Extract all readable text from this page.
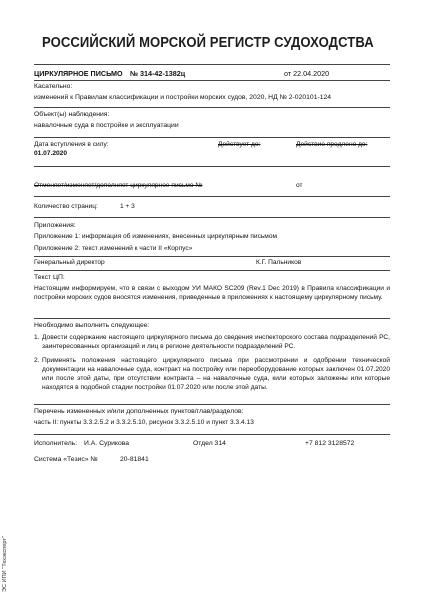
РОССИЙСКИЙ МОРСКОЙ РЕГИСТР СУДОХОДСТВА
ЦИРКУЛЯРНОЕ ПИСЬМО	№ 314-42-1382ц	от 22.04.2020
Касательно:
изменений к Правилам классификации и постройки морских судов, 2020, НД № 2-020101-124
Объект(ы) наблюдения:
навалочные суда в постройке и эксплуатации
Дата вступления в силу:	Действует до:	Действие продлено до:
01.07.2020
Отменяет/изменяет/дополняет циркулярное письмо №	от
Количество страниц:	1 + 3
Приложения:
Приложение 1: информация об изменениях, внесенных циркулярным письмом
Приложение 2: текст изменений к части II «Корпус»
Генеральный директор	К.Г. Пальников
Текст ЦП:
Настоящим информируем, что в связи с выходом УИ МАКО SC209 (Rev.1 Dec 2019) в Правила классификации и постройки морских судов вносятся изменения, приведенные в приложениях к настоящему циркулярному письму.
Необходимо выполнить следующее:
1. Довести содержание настоящего циркулярного письма до сведения инспекторского состава подразделений РС, заинтересованных организаций и лиц в регионе деятельности подразделений РС.
2. Применять положения настоящего циркулярного письма при рассмотрении и одобрении технической документации на навалочные суда, контракт на постройку или переоборудование которых заключен 01.07.2020 или после этой даты, при отсутствии контракта – на навалочные суда, кили которых заложены или которые находятся в подобной стадии постройки 01.07.2020 или после этой даты.
Перечень измененных и/или дополненных пунктов/глав/разделов:
часть II: пункты 3.3.2.5.2 и 3.3.2.5.10, рисунок 3.3.2.5.10 и пункт 3.3.4.13
Исполнитель:	И.А. Сурикова	Отдел 314	+7 812 3128572
Система «Тезис» №	20-81841
ЭС ИПИ "Техэксперт"
